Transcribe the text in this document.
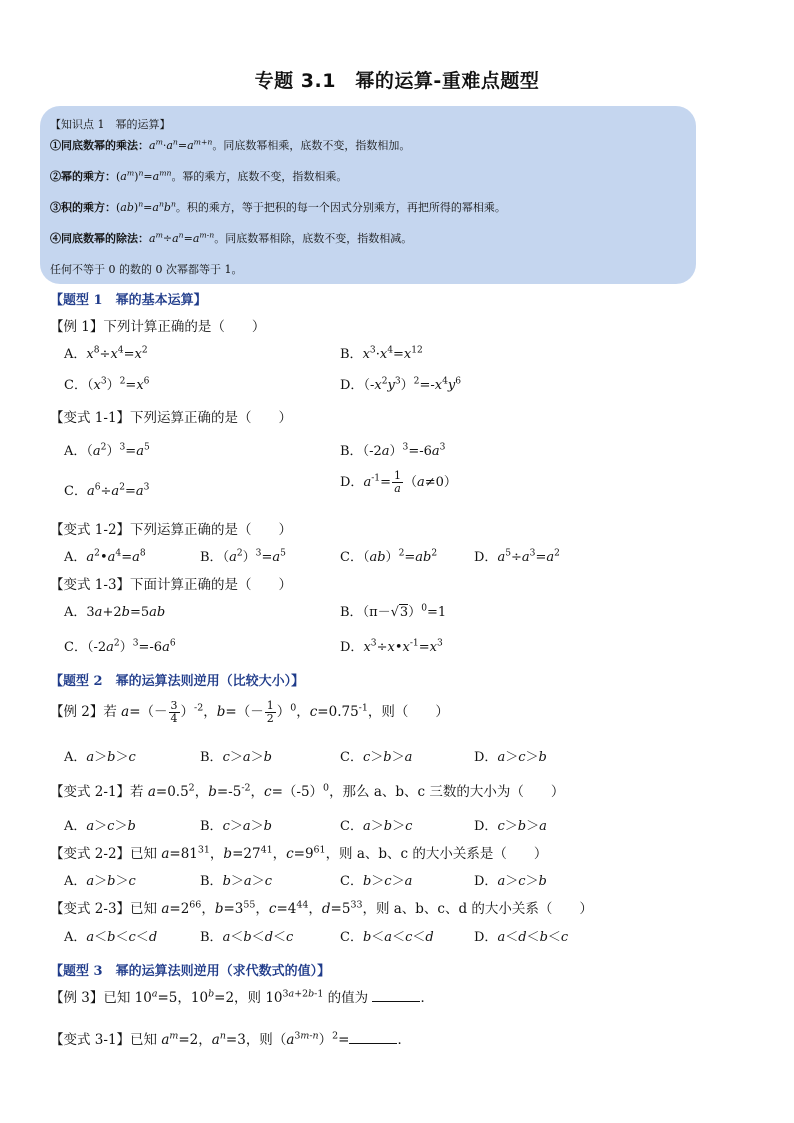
专题 3.1　幂的运算-重难点题型
【知识点 1　幂的运算】
①同底数幂的乘法：$a^m\cdot a^n=a^{m+n}$。同底数幂相乘，底数不变，指数相加。
②幂的乘方：$(a^m)^n=a^{mn}$。幂的乘方，底数不变，指数相乘。
③积的乘方：$(ab)^n=a^nb^n$。积的乘方，等于把积的每一个因式分别乘方，再把所得的幂相乘。
④同底数幂的除法：$a^m\div a^n=a^{m-n}$。同底数幂相除，底数不变，指数相减。
任何不等于 0 的数的 0 次幂都等于 1。
【题型 1　幂的基本运算】
【例 1】下列计算正确的是（　　）
A．$x^8\div x^4=x^2$	B．$x^3\cdot x^4=x^{12}$
C．$(x^3)^2=x^6$	D．$(-x^2y^3)^2=-x^4y^6$
【变式 1-1】下列运算正确的是（　　）
A．$(a^2)^3=a^5$	B．$(-2a)^3=-6a^3$
C．$a^6\div a^2=a^3$	D．$a^{-1}= \frac{1}{a} (a\ne 0)$
【变式 1-2】下列运算正确的是（　　）
A．$a^2•a^4=a^8$	B．$(a^2)^3=a^5$	C．$(ab)^2=ab^2$	D．$a^5\div a^3=a^2$
【变式 1-3】下面计算正确的是（　　）
A．3a+2b=5ab	B．$(\pi-√3)^0=1$
C．$(-2a^2)^3=-6a^6$	D．$x^3\div x•x^{-1}=x^3$
【题型 2　幂的运算法则逆用（比较大小）】
【例 2】若 $a=(- \frac{3}{4} )^{-2}$，$b=(- \frac{1}{2} )^0$，$c=0.75^{-1}$，则（　　）
A．a＞b＞c	B．c＞a＞b	C．c＞b＞a	D．a＞c＞b
【变式 2-1】若 $a=0.5^2$，$b=-5^{-2}$，$c=(-5)^0$，那么 a、b、c 三数的大小为（　　）
A．a＞c＞b	B．c＞a＞b	C．a＞b＞c	D．c＞b＞a
【变式 2-2】已知 $a=81^{31}$，$b=27^{41}$，$c=9^{61}$，则 a、b、c 的大小关系是（　　）
A．a＞b＞c	B．b＞a＞c	C．b＞c＞a	D．a＞c＞b
【变式 2-3】已知 $a=2^{66}$，$b=3^{55}$，$c=4^{44}$，$d=5^{33}$，则 a、b、c、d 的大小关系（　　）
A．a＜b＜c＜d	B．a＜b＜d＜c	C．b＜a＜c＜d	D．a＜d＜b＜c
【题型 3　幂的运算法则逆用（求代数式的值）】
【例 3】已知 $10^a=5$，$10^b=2$，则 $10^{3a+2b-1}$ 的值为	．
【变式 3-1】已知 $a^m=2$，$a^n=3$，则$(a^{3m-n})^2=$	．
